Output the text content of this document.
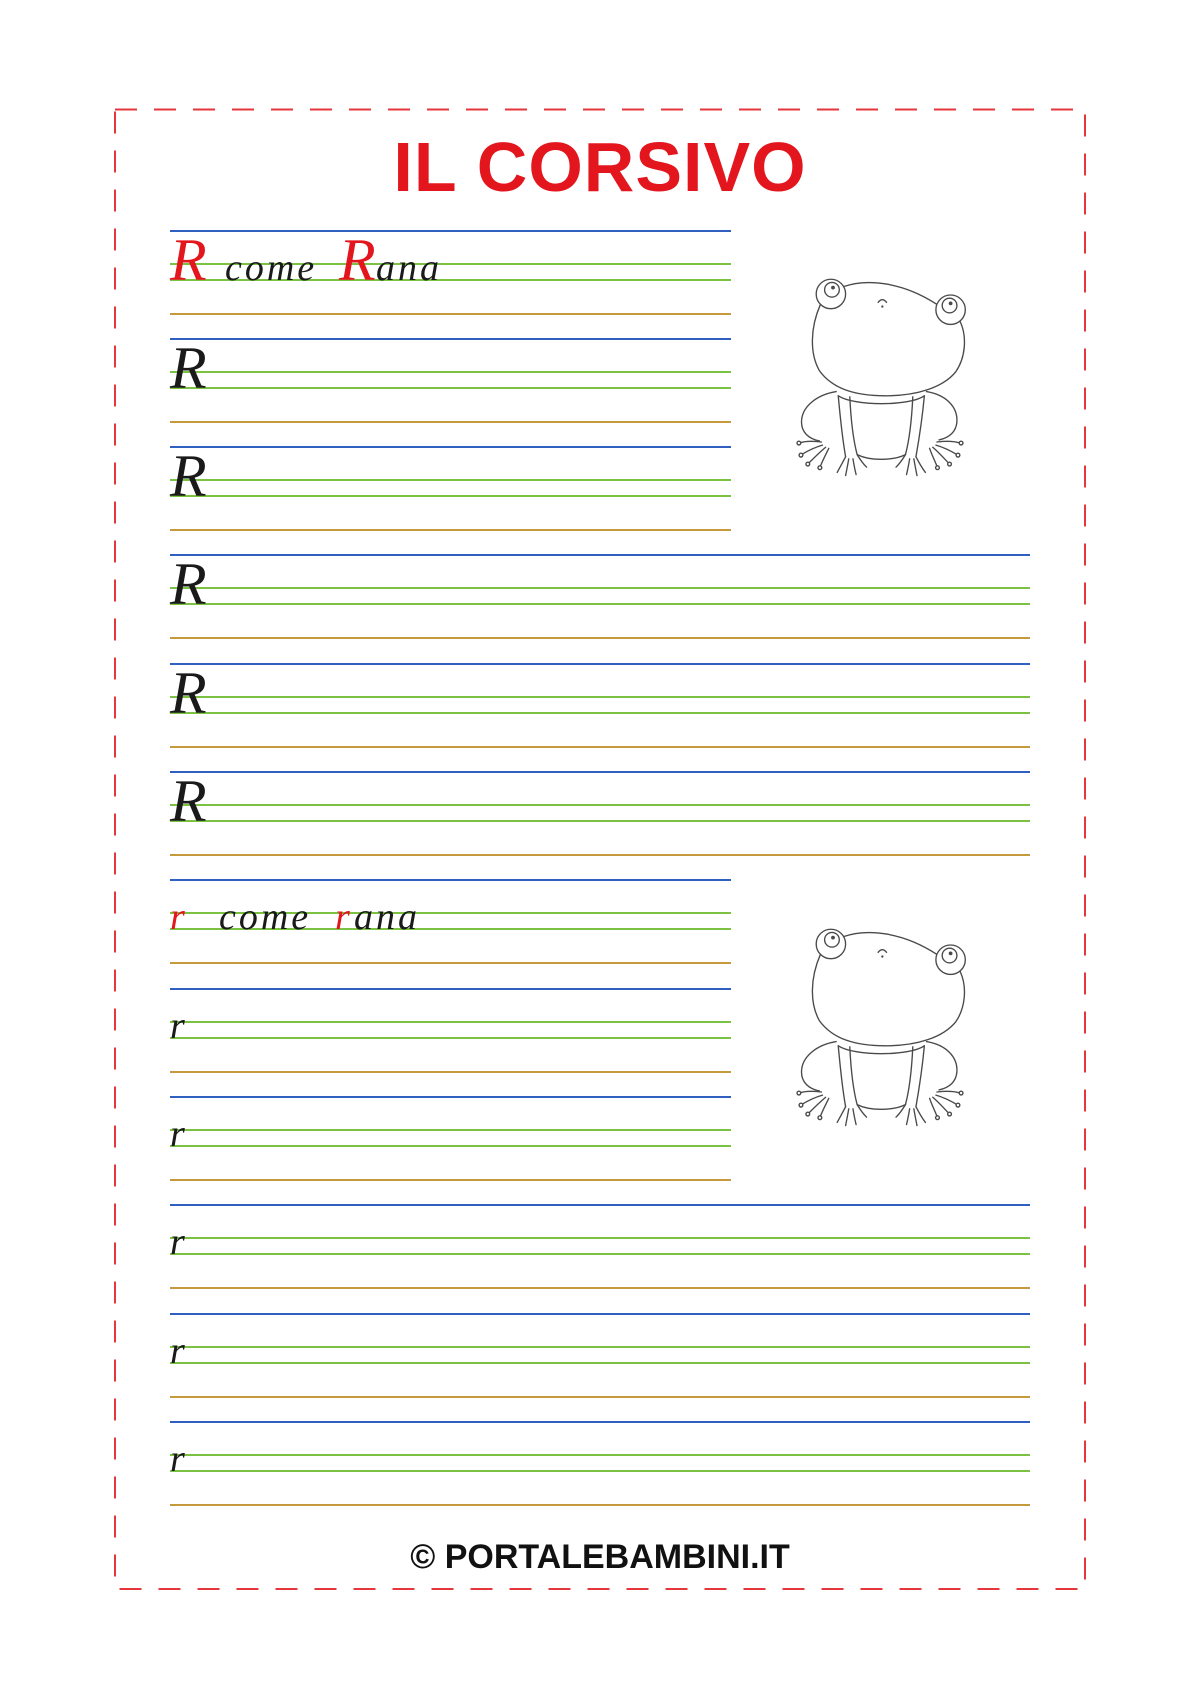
IL CORSIVO
Rcome Rana
R
R
R
R
R
r come rana
r
r
r
r
r

© PORTALEBAMBINI.IT
